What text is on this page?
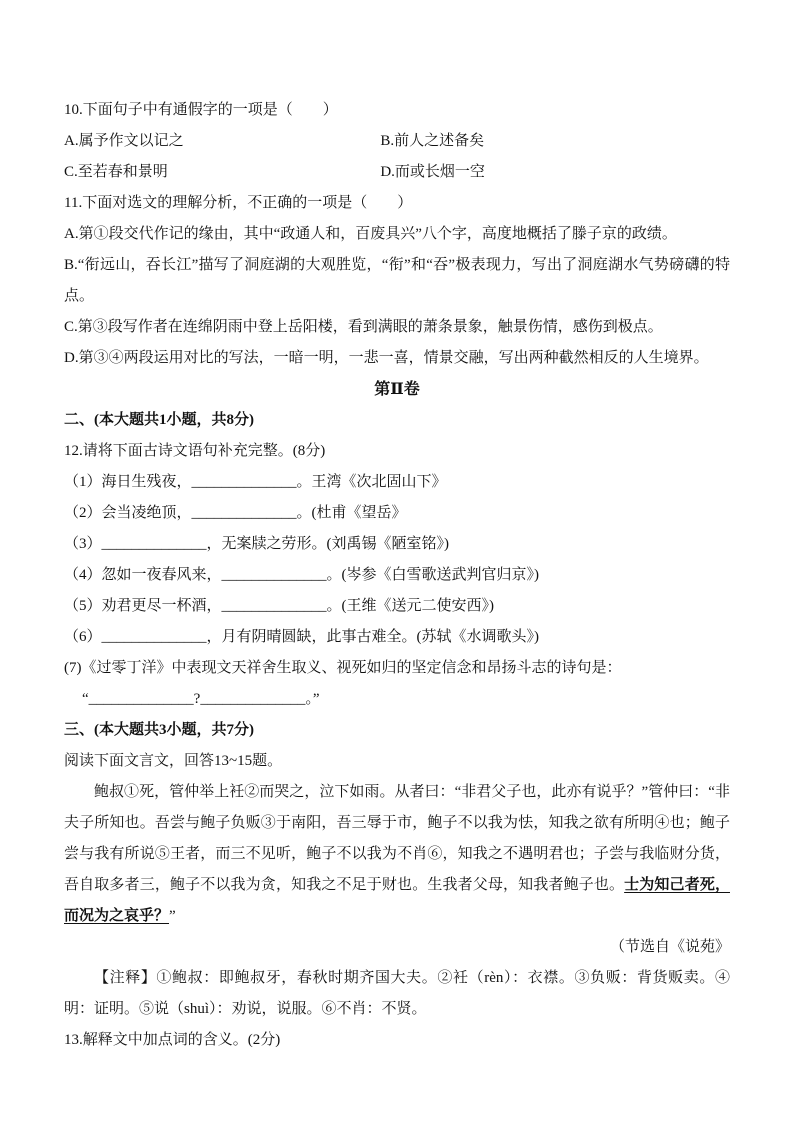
10.下面句子中有通假字的一项是（　　）

A.属予作文以记之	B.前人之述备矣
C.至若春和景明	D.而或长烟一空

11.下面对选文的理解分析，不正确的一项是（　　）

A.第①段交代作记的缘由，其中“政通人和，百废具兴”八个字，高度地概括了滕子京的政绩。

B.“衔远山，吞长江”描写了洞庭湖的大观胜览，“衔”和“吞”极表现力，写出了洞庭湖水气势磅礴的特点。

C.第③段写作者在连绵阴雨中登上岳阳楼，看到满眼的萧条景象，触景伤情，感伤到极点。

D.第③④两段运用对比的写法，一暗一明，一悲一喜，情景交融，写出两种截然相反的人生境界。

第Ⅱ卷

二、(本大题共1小题，共8分)

12.请将下面古诗文语句补充完整。(8分)

（1）海日生残夜，______________。王湾《次北固山下》

（2）会当凌绝顶，______________。(杜甫《望岳》

（3）______________，无案牍之劳形。(刘禹锡《陋室铭》)

（4）忽如一夜春风来，______________。(岑参《白雪歌送武判官归京》)

（5）劝君更尽一杯酒，______________。(王维《送元二使安西》)

（6）______________，月有阴晴圆缺，此事古难全。(苏轼《水调歌头》)

(7)《过零丁洋》中表现文天祥舍生取义、视死如归的坚定信念和昂扬斗志的诗句是：

“______________?______________。”

三、(本大题共3小题，共7分)

阅读下面文言文，回答13~15题。

鲍叔①死，管仲举上衽②而哭之，泣下如雨。从者曰：“非君父子也，此亦有说乎？”管仲曰：“非夫子所知也。吾尝与鲍子负贩③于南阳，吾三辱于市，鲍子不以我为怯，知我之欲有所明④也；鲍子尝与我有所说⑤王者，而三不见听，鲍子不以我为不肖⑥，知我之不遇明君也；子尝与我临财分货，吾自取多者三，鲍子不以我为贪，知我之不足于财也。生我者父母，知我者鲍子也。士为知己者死，而况为之哀乎？”

（节选自《说苑》

【注释】①鲍叔：即鲍叔牙，春秋时期齐国大夫。②衽（rèn）：衣襟。③负贩：背货贩卖。④明：证明。⑤说（shuì）：劝说，说服。⑥不肖：不贤。

13.解释文中加点词的含义。(2分)
